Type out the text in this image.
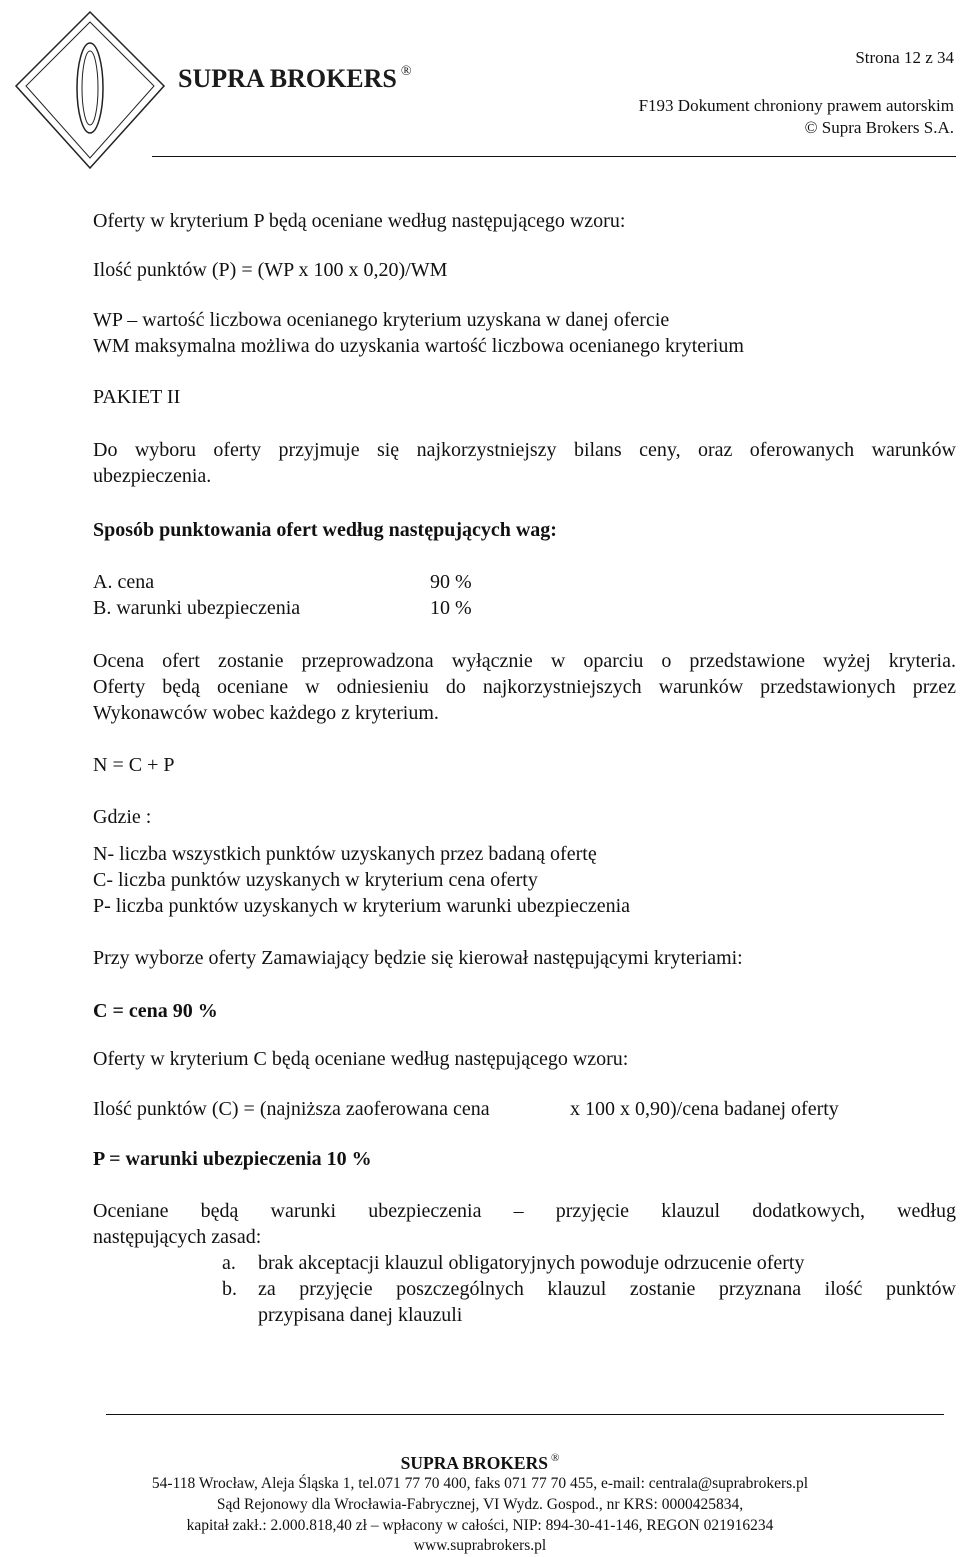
SUPRA BROKERS ®
Strona 12 z 34
F193 Dokument chroniony prawem autorskim
© Supra Brokers S.A.
Oferty w kryterium P będą oceniane według następującego wzoru:
Ilość punktów (P) = (WP x 100 x 0,20)/WM
WP – wartość liczbowa ocenianego kryterium uzyskana w danej ofercie
WM maksymalna możliwa do uzyskania wartość liczbowa ocenianego kryterium
PAKIET II
Do wyboru oferty przyjmuje się najkorzystniejszy bilans ceny, oraz oferowanych warunków
ubezpieczenia.
Sposób punktowania ofert według następujących wag:
A. cena	90 %
B. warunki ubezpieczenia	10 %
Ocena ofert zostanie przeprowadzona wyłącznie w oparciu o przedstawione wyżej kryteria.
Oferty będą oceniane w odniesieniu do najkorzystniejszych warunków przedstawionych przez
Wykonawców wobec każdego z kryterium.
N = C + P
Gdzie :
N- liczba wszystkich punktów uzyskanych przez badaną ofertę
C- liczba punktów uzyskanych w kryterium cena oferty
P- liczba punktów uzyskanych w kryterium warunki ubezpieczenia
Przy wyborze oferty Zamawiający będzie się kierował następującymi kryteriami:
C = cena 90 %
Oferty w kryterium C będą oceniane według następującego wzoru:
Ilość punktów (C) = (najniższa zaoferowana cena	x 100 x 0,90)/cena badanej oferty
P = warunki ubezpieczenia 10 %
Oceniane będą warunki ubezpieczenia – przyjęcie klauzul dodatkowych, według
następujących zasad:
a. brak akceptacji klauzul obligatoryjnych powoduje odrzucenie oferty
b. za przyjęcie poszczególnych klauzul zostanie przyznana ilość punktów
przypisana danej klauzuli
SUPRA BROKERS ®
54-118 Wrocław, Aleja Śląska 1, tel.071 77 70 400, faks 071 77 70 455, e-mail: centrala@suprabrokers.pl
Sąd Rejonowy dla Wrocławia-Fabrycznej, VI Wydz. Gospod., nr KRS: 0000425834,
kapitał zakł.: 2.000.818,40 zł – wpłacony w całości, NIP: 894-30-41-146, REGON 021916234
www.suprabrokers.pl
